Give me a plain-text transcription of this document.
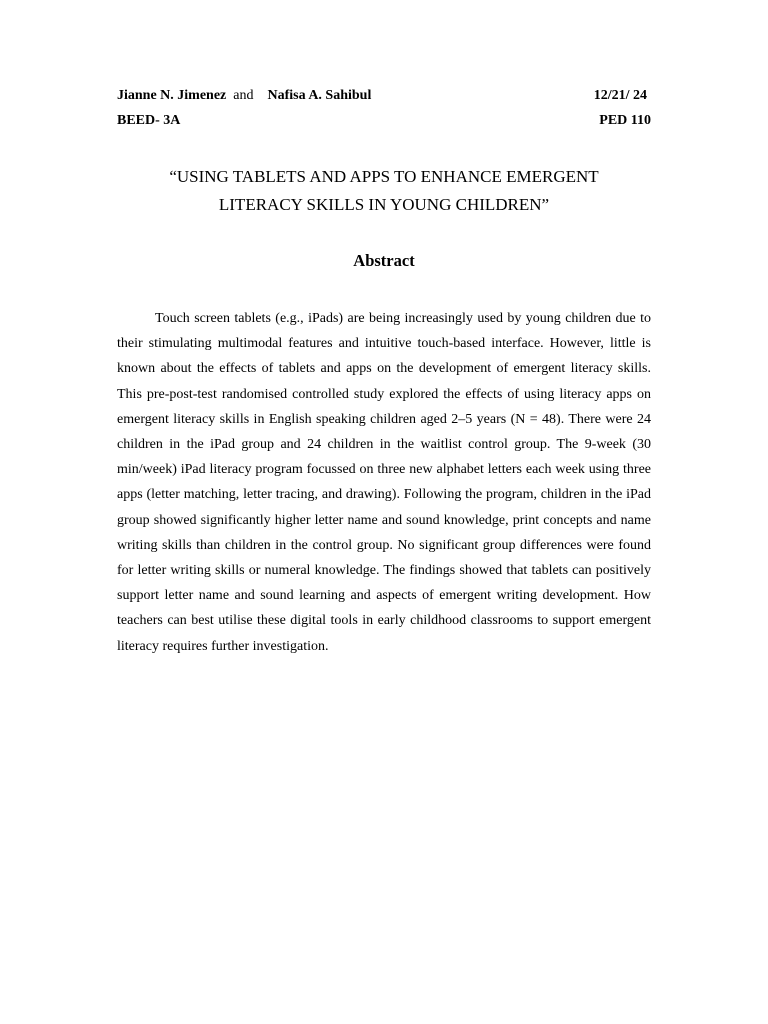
Jianne N. Jimenez and Nafisa A. Sahibul	12/21/ 24
BEED- 3A	PED 110
“USING TABLETS AND APPS TO ENHANCE EMERGENT
LITERACY SKILLS IN YOUNG CHILDREN”
Abstract

Touch screen tablets (e.g., iPads) are being increasingly used by young children due to their stimulating multimodal features and intuitive touch-based interface. However, little is known about the effects of tablets and apps on the development of emergent literacy skills. This pre-post-test randomised controlled study explored the effects of using literacy apps on emergent literacy skills in English speaking children aged 2–5 years (N = 48). There were 24 children in the iPad group and 24 children in the waitlist control group. The 9-week (30 min/week) iPad literacy program focussed on three new alphabet letters each week using three apps (letter matching, letter tracing, and drawing). Following the program, children in the iPad group showed significantly higher letter name and sound knowledge, print concepts and name writing skills than children in the control group. No significant group differences were found for letter writing skills or numeral knowledge. The findings showed that tablets can positively support letter name and sound learning and aspects of emergent writing development. How teachers can best utilise these digital tools in early childhood classrooms to support emergent literacy requires further investigation.
